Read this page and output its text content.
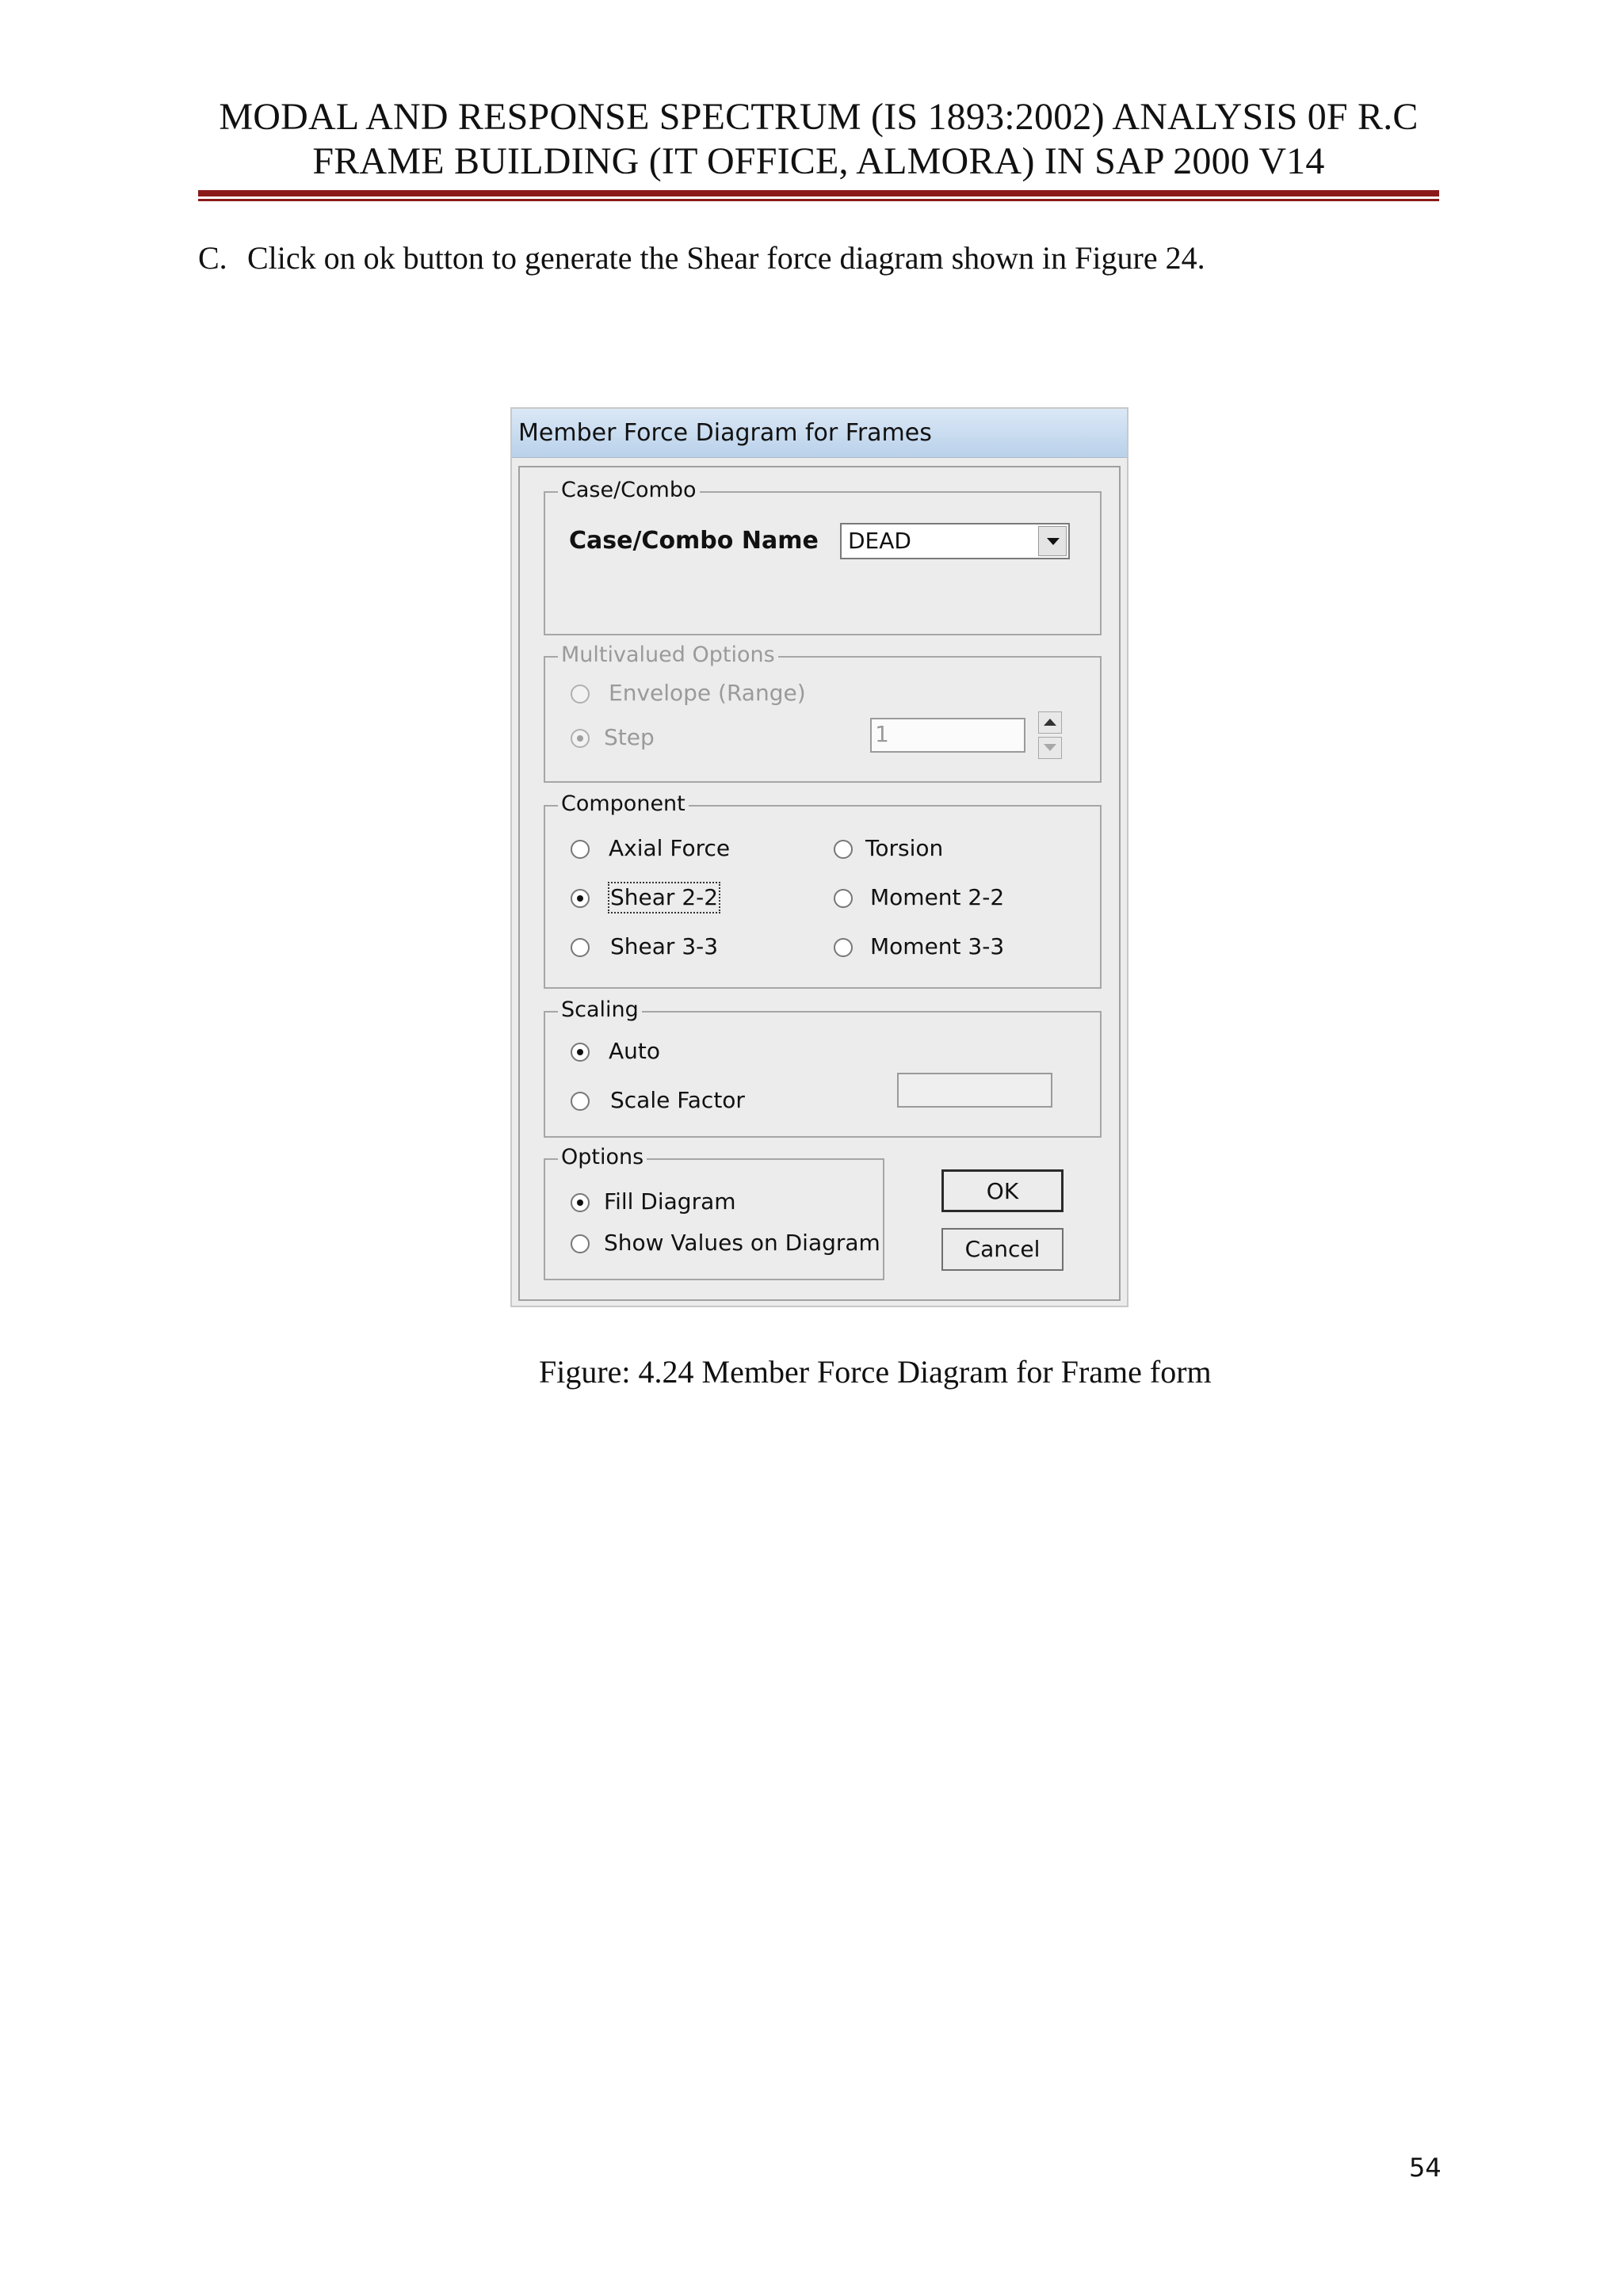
MODAL AND RESPONSE SPECTRUM (IS 1893:2002) ANALYSIS 0F R.C
FRAME BUILDING (IT OFFICE, ALMORA) IN SAP 2000 V14
C. Click on ok button to generate the Shear force diagram shown in Figure 24.
Member Force Diagram for Frames
Case/Combo
Case/Combo Name DEAD
Multivalued Options
Envelope (Range)
Step	1
Component
Axial Force	Torsion
Shear 2-2	Moment 2-2
Shear 3-3	Moment 3-3
Scaling
Auto
Scale Factor
Options
Fill Diagram
Show Values on Diagram
OK
Cancel
Figure: 4.24 Member Force Diagram for Frame form
54
